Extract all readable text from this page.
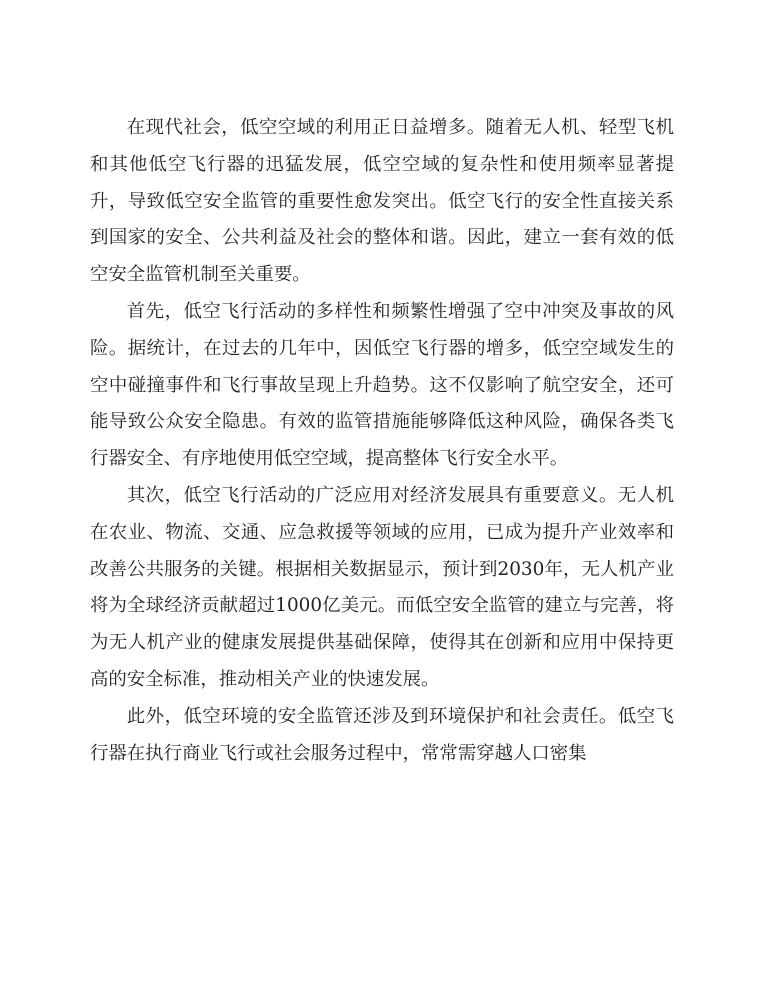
在现代社会，低空空域的利用正日益增多。随着无人机、轻型飞机和其他低空飞行器的迅猛发展，低空空域的复杂性和使用频率显著提升，导致低空安全监管的重要性愈发突出。低空飞行的安全性直接关系到国家的安全、公共利益及社会的整体和谐。因此，建立一套有效的低空安全监管机制至关重要。

首先，低空飞行活动的多样性和频繁性增强了空中冲突及事故的风险。据统计，在过去的几年中，因低空飞行器的增多，低空空域发生的空中碰撞事件和飞行事故呈现上升趋势。这不仅影响了航空安全，还可能导致公众安全隐患。有效的监管措施能够降低这种风险，确保各类飞行器安全、有序地使用低空空域，提高整体飞行安全水平。

其次，低空飞行活动的广泛应用对经济发展具有重要意义。无人机在农业、物流、交通、应急救援等领域的应用，已成为提升产业效率和改善公共服务的关键。根据相关数据显示，预计到2030年，无人机产业将为全球经济贡献超过1000亿美元。而低空安全监管的建立与完善，将为无人机产业的健康发展提供基础保障，使得其在创新和应用中保持更高的安全标准，推动相关产业的快速发展。

此外，低空环境的安全监管还涉及到环境保护和社会责任。低空飞行器在执行商业飞行或社会服务过程中，常常需穿越人口密集
